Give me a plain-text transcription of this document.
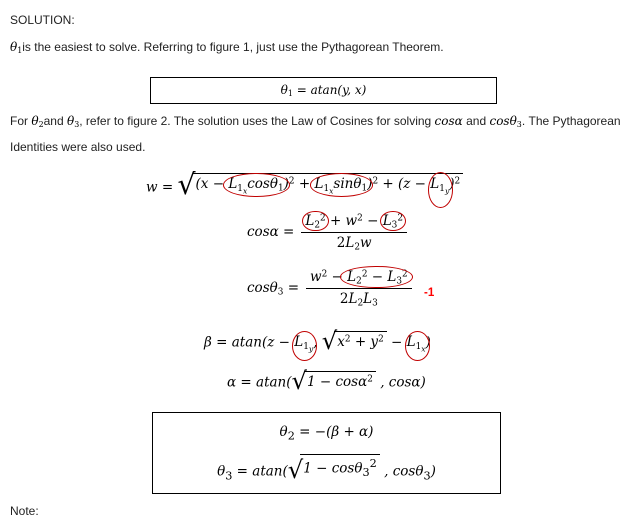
SOLUTION:

$\theta_1is$ the easiest to solve. Referring to figure 1, just use the Pythagorean Theorem.

$\theta_1 = atan(y$, x)

For $\theta_2and$ $\theta_3$, refer to figure 2. The solution uses the Law of Cosines for solving cosα and cosθ$_3$. The Pythagorean Identities were also used.

w = √ $(x - L_{1_x}\cos\theta_1)^2 + L_{1_x}\sin\theta_1)^2 + (z - L_{1_y})^2$
$\cos\alpha = \frac{L_2^2 + w^2 - L_3^2}{2L_2w}$
$\cos\theta_3 = \frac{w^2 - L_2^2 - L_3^2}{2L_2L_3} -1$
$\beta = atan(z - L_{1_y}$, √ $x^2 + y^2 - L_{1_x}$)
α = atan( √ 1 − cosα$^2$ , cosα)
$\theta_2 = -(\beta + \alpha)$
$\theta_3 = atan$( √ 1 − cosθ$_3^2$
, cosθ$_3$)
Note:
